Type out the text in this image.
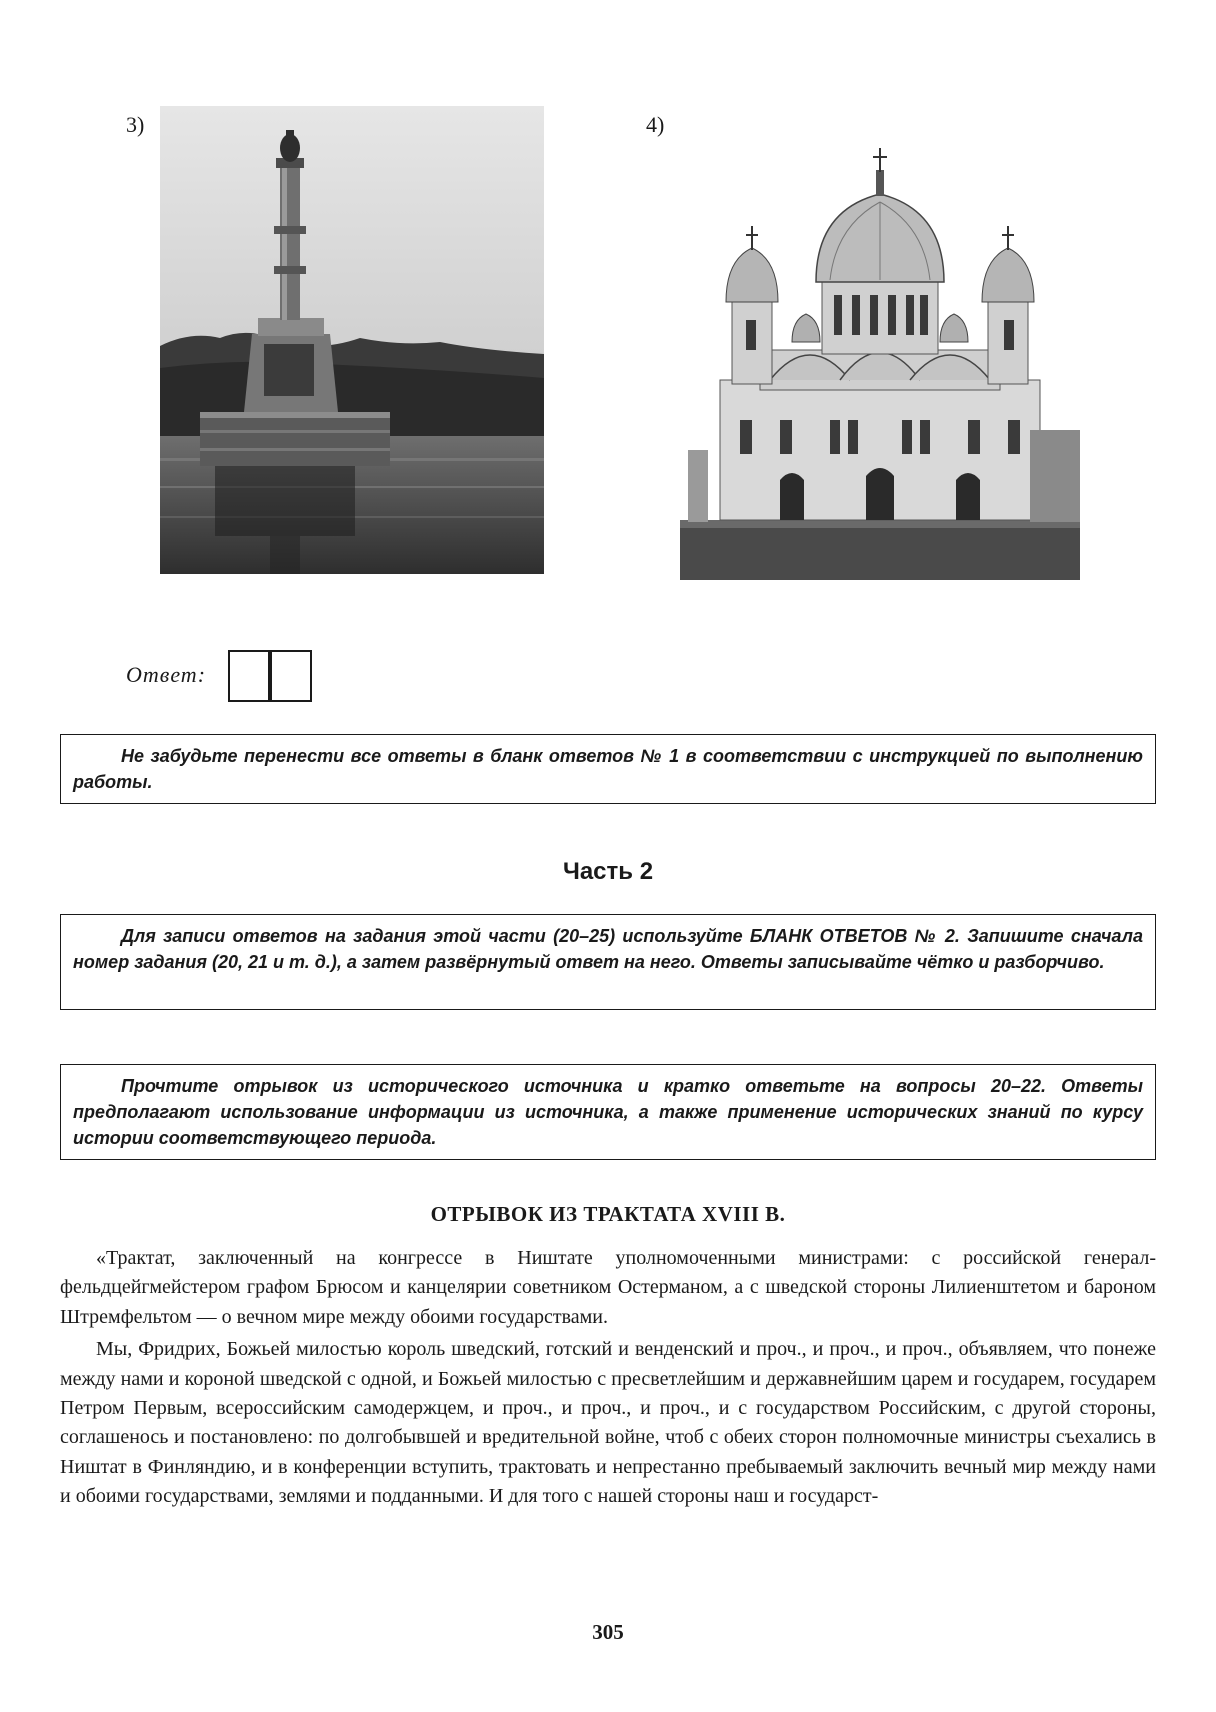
3)	4)
Ответ:

Не забудьте перенести все ответы в бланк ответов № 1 в соответствии с инструкцией по выполнению работы.

Часть 2

Для записи ответов на задания этой части (20–25) используйте БЛАНК ОТВЕТОВ № 2. Запишите сначала номер задания (20, 21 и т. д.), а затем развёрнутый ответ на него. Ответы записывайте чётко и разборчиво.

Прочтите отрывок из исторического источника и кратко ответьте на вопросы 20–22. Ответы предполагают использование информации из источника, а также применение исторических знаний по курсу истории соответствующего периода.

ОТРЫВОК ИЗ ТРАКТАТА XVIII В.

«Трактат, заключенный на конгрессе в Ништате уполномоченными министрами: с российской генерал-фельдцейгмейстером графом Брюсом и канцелярии советником Остерманом, а с шведской стороны Лилиенштетом и бароном Штремфельтом — о вечном мире между обоими государствами.

Мы, Фридрих, Божьей милостью король шведский, готский и венденский и проч., и проч., и проч., объявляем, что понеже между нами и короной шведской с одной, и Божьей милостью с пресветлейшим и державнейшим царем и государем, государем Петром Первым, всероссийским самодержцем, и проч., и проч., и проч., и с государством Российским, с другой стороны, соглашенось и постановлено: по долгобывшей и вредительной войне, чтоб с обеих сторон полномочные министры съехались в Ништат в Финляндию, и в конференции вступить, трактовать и непрестанно пребываемый заключить вечный мир между нами и обоими государствами, землями и подданными. И для того с нашей стороны наш и государст-

305
